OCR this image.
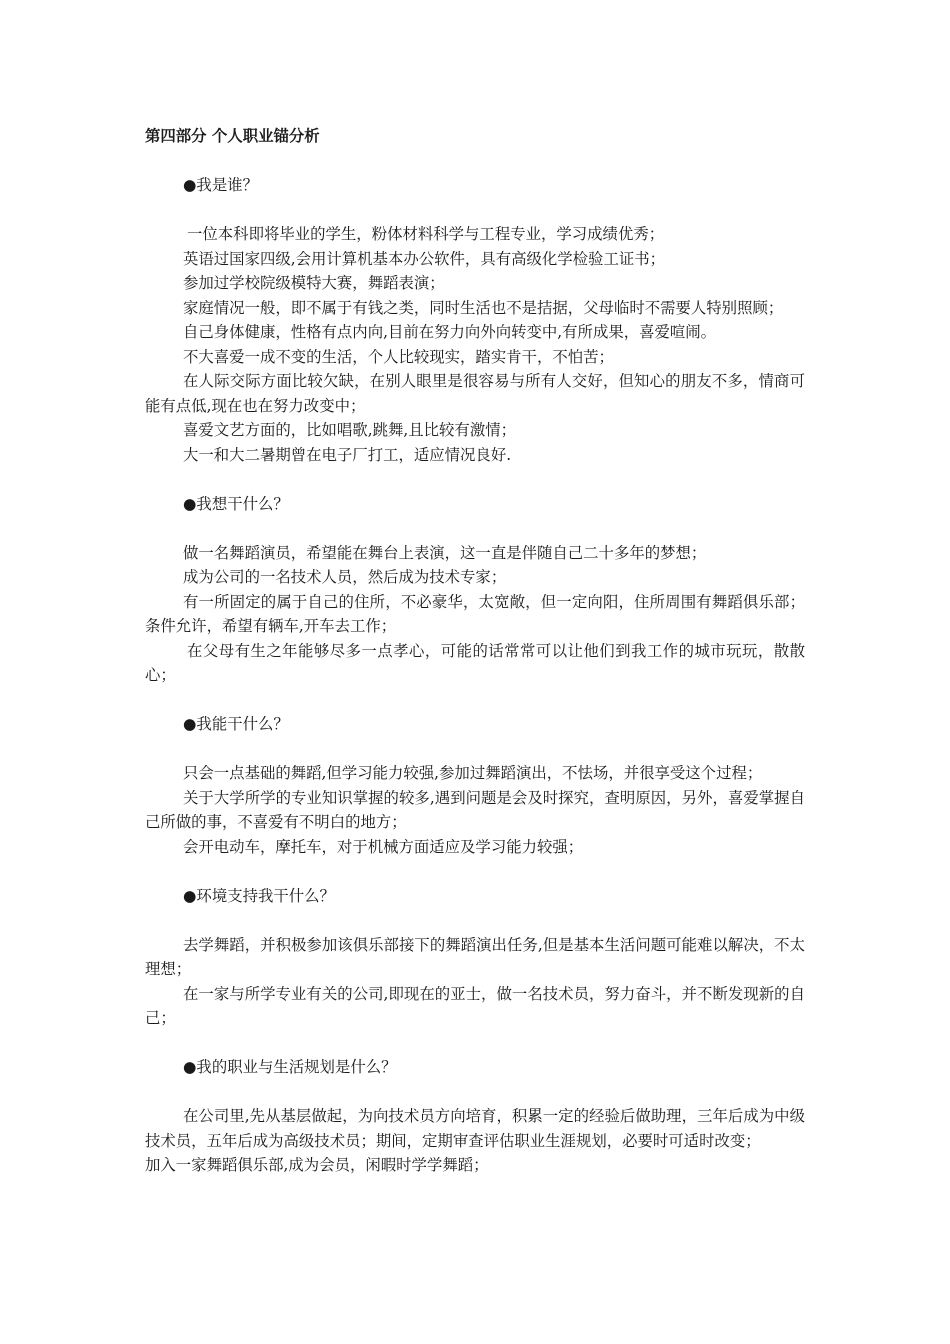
第四部分 个人职业锚分析
●我是谁？

一位本科即将毕业的学生，粉体材料科学与工程专业，学习成绩优秀；

英语过国家四级,会用计算机基本办公软件，具有高级化学检验工证书；

参加过学校院级模特大赛，舞蹈表演；

家庭情况一般，即不属于有钱之类，同时生活也不是拮据，父母临时不需要人特别照顾；

自己身体健康，性格有点内向,目前在努力向外向转变中,有所成果，喜爱喧闹。

不大喜爱一成不变的生活，个人比较现实，踏实肯干，不怕苦；

在人际交际方面比较欠缺，在别人眼里是很容易与所有人交好，但知心的朋友不多，情商可能有点低,现在也在努力改变中；

喜爱文艺方面的，比如唱歌,跳舞,且比较有激情；

大一和大二暑期曾在电子厂打工，适应情况良好.

●我想干什么？

做一名舞蹈演员，希望能在舞台上表演，这一直是伴随自己二十多年的梦想；

成为公司的一名技术人员，然后成为技术专家；

有一所固定的属于自己的住所，不必豪华，太宽敞，但一定向阳，住所周围有舞蹈俱乐部；条件允许，希望有辆车,开车去工作；

在父母有生之年能够尽多一点孝心，可能的话常常可以让他们到我工作的城市玩玩，散散心；

●我能干什么？

只会一点基础的舞蹈,但学习能力较强,参加过舞蹈演出，不怯场，并很享受这个过程；

关于大学所学的专业知识掌握的较多,遇到问题是会及时探究，查明原因，另外，喜爱掌握自己所做的事，不喜爱有不明白的地方；

会开电动车，摩托车，对于机械方面适应及学习能力较强；

●环境支持我干什么？

去学舞蹈，并积极参加该俱乐部接下的舞蹈演出任务,但是基本生活问题可能难以解决，不太理想；

在一家与所学专业有关的公司,即现在的亚士，做一名技术员，努力奋斗，并不断发现新的自己；

●我的职业与生活规划是什么？

在公司里,先从基层做起，为向技术员方向培育，积累一定的经验后做助理，三年后成为中级技术员，五年后成为高级技术员；期间，定期审查评估职业生涯规划，必要时可适时改变；

加入一家舞蹈俱乐部,成为会员，闲暇时学学舞蹈；
